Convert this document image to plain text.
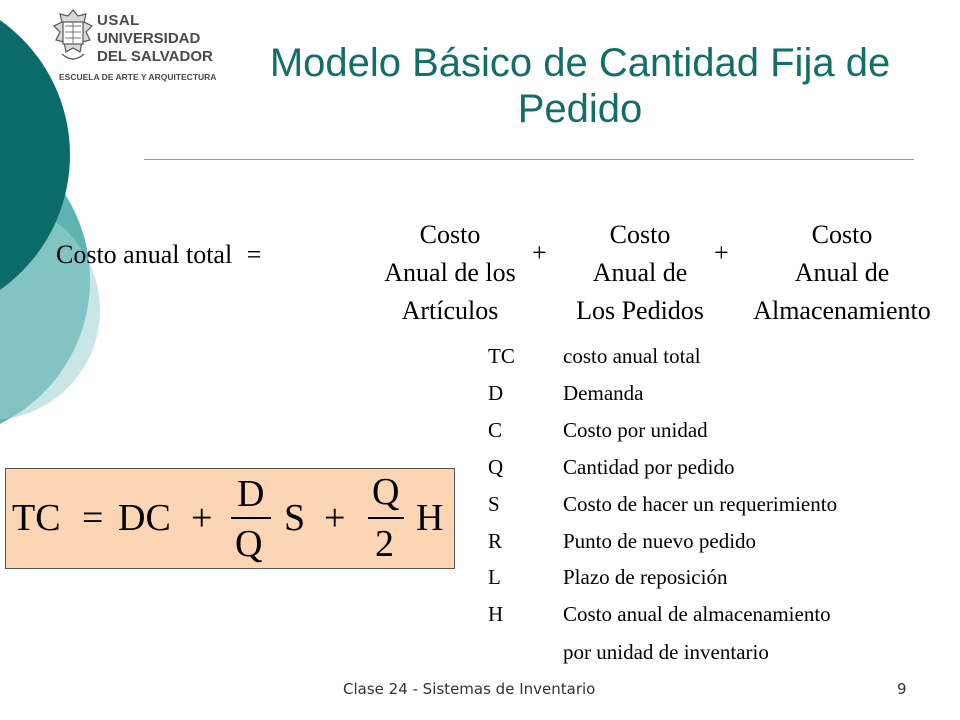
USAL
UNIVERSIDAD
DEL SALVADOR
ESCUELA DE ARTE Y ARQUITECTURA	Modelo Básico de Cantidad Fija de Pedido
Costo anual total =
Costo
Anual de los
Artículos
+
Costo
Anual de
Los Pedidos
+
Costo
Anual de
Almacenamiento
TC	costo anual total
D	Demanda
C	Costo por unidad
Q	Cantidad por pedido
S	Costo de hacer un requerimiento
R	Punto de nuevo pedido
L	Plazo de reposición
H	Costo anual de almacenamiento
por unidad de inventario
TC = DC +
D
Q
S +
Q
2
H
Clase 24 - Sistemas de Inventario	9
